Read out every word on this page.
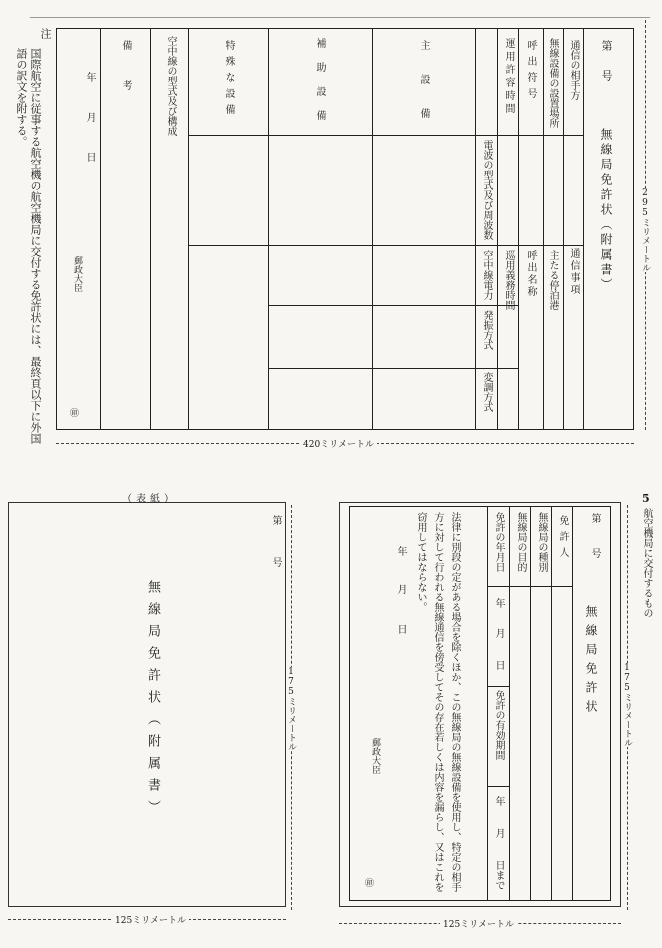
第
号
無線局免許状（附属書）
通信の相手方
通信事項
無線設備の設置場所
主たる停泊港
呼出符号
呼出名称
運用許容時間
巡用義務時間
電波の型式及び周波数
空中線電力
発振方式
変調方式
主設備
補助設備
特殊な設備
空中線の型式及び構成
備考
年
月
日
郵政大臣
㊞
295ミリメートル
420ミリメートル
注
国際航空に従事する航空機の航空機局に交付する免許状には、最終頁以下に外国語の訳文を附する。
（表紙）
第
号
無線局免許状（附属書）	175ミリメートル
125ミリメートル
5
航空機局に交付するもの
第
号
無線局免許状
免許人
無線局の種別
無線局の目的
免許の年月日
年
月
日
免許の有効期間
年
月
日まで
法律に別段の定がある場合を除くほか、この無線局の無線設備を使用し、特定の相手方に対して行われる無線通信を傍受してその存在若しくは内容を漏らし、又はこれを窃用してはならない。
年
月
日
郵政大臣
㊞
175ミリメートル
125ミリメートル
